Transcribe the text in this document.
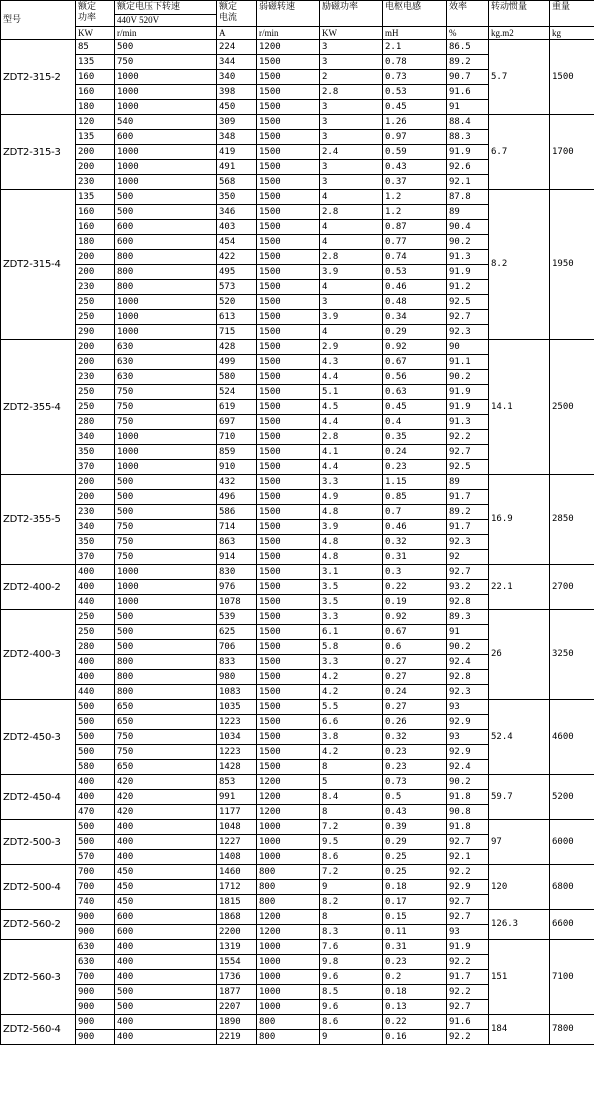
型号	额定
功率	额定电压下转速
440V 520V	额定
电流	弱磁转速	励磁功率	电枢电感	效率	转动惯量	重量
	KW	r/min	A	r/min	KW	mH	%	kg.m2	kg
ZDT2-315-2	85	500	224	1200	3	2.1	86.5	5.7	1500
	135	750	344	1500	3	0.78	89.2		
	160	1000	340	1500	2	0.73	90.7		
	160	1000	398	1500	2.8	0.53	91.6		
	180	1000	450	1500	3	0.45	91		
ZDT2-315-3	120	540	309	1500	3	1.26	88.4	6.7	1700
	135	600	348	1500	3	0.97	88.3		
	200	1000	419	1500	2.4	0.59	91.9		
	200	1000	491	1500	3	0.43	92.6		
	230	1000	568	1500	3	0.37	92.1		
ZDT2-315-4	135	500	350	1500	4	1.2	87.8	8.2	1950
	160	500	346	1500	2.8	1.2	89		
	160	600	403	1500	4	0.87	90.4		
	180	600	454	1500	4	0.77	90.2		
	200	800	422	1500	2.8	0.74	91.3		
	200	800	495	1500	3.9	0.53	91.9		
	230	800	573	1500	4	0.46	91.2		
	250	1000	520	1500	3	0.48	92.5		
	250	1000	613	1500	3.9	0.34	92.7		
	290	1000	715	1500	4	0.29	92.3		
ZDT2-355-4	200	630	428	1500	2.9	0.92	90	14.1	2500
	200	630	499	1500	4.3	0.67	91.1		
	230	630	580	1500	4.4	0.56	90.2		
	250	750	524	1500	5.1	0.63	91.9		
	250	750	619	1500	4.5	0.45	91.9		
	280	750	697	1500	4.4	0.4	91.3		
	340	1000	710	1500	2.8	0.35	92.2		
	350	1000	859	1500	4.1	0.24	92.7		
	370	1000	910	1500	4.4	0.23	92.5		
ZDT2-355-5	200	500	432	1500	3.3	1.15	89	16.9	2850
	200	500	496	1500	4.9	0.85	91.7		
	230	500	586	1500	4.8	0.7	89.2		
	340	750	714	1500	3.9	0.46	91.7		
	350	750	863	1500	4.8	0.32	92.3		
	370	750	914	1500	4.8	0.31	92		
ZDT2-400-2	400	1000	830	1500	3.1	0.3	92.7	22.1	2700
	400	1000	976	1500	3.5	0.22	93.2		
	440	1000	1078	1500	3.5	0.19	92.8		
ZDT2-400-3	250	500	539	1500	3.3	0.92	89.3	26	3250
	250	500	625	1500	6.1	0.67	91		
	280	500	706	1500	5.8	0.6	90.2		
	400	800	833	1500	3.3	0.27	92.4		
	400	800	980	1500	4.2	0.27	92.8		
	440	800	1083	1500	4.2	0.24	92.3		
ZDT2-450-3	500	650	1035	1500	5.5	0.27	93	52.4	4600
	500	650	1223	1500	6.6	0.26	92.9		
	500	750	1034	1500	3.8	0.32	93		
	500	750	1223	1500	4.2	0.23	92.9		
	580	650	1428	1500	8	0.23	92.4		
ZDT2-450-4	400	420	853	1200	5	0.73	90.2	59.7	5200
	400	420	991	1200	8.4	0.5	91.8		
	470	420	1177	1200	8	0.43	90.8		
ZDT2-500-3	500	400	1048	1000	7.2	0.39	91.8	97	6000
	500	400	1227	1000	9.5	0.29	92.7		
	570	400	1408	1000	8.6	0.25	92.1		
ZDT2-500-4	700	450	1460	800	7.2	0.25	92.2	120	6800
	700	450	1712	800	9	0.18	92.9		
	740	450	1815	800	8.2	0.17	92.7		
ZDT2-560-2	900	600	1868	1200	8	0.15	92.7	126.3	6600
	900	600	2200	1200	8.3	0.11	93		
ZDT2-560-3	630	400	1319	1000	7.6	0.31	91.9	151	7100
	630	400	1554	1000	9.8	0.23	92.2		
	700	400	1736	1000	9.6	0.2	91.7		
	900	500	1877	1000	8.5	0.18	92.2		
	900	500	2207	1000	9.6	0.13	92.7		
ZDT2-560-4	900	400	1890	800	8.6	0.22	91.6	184	7800
	900	400	2219	800	9	0.16	92.2		
